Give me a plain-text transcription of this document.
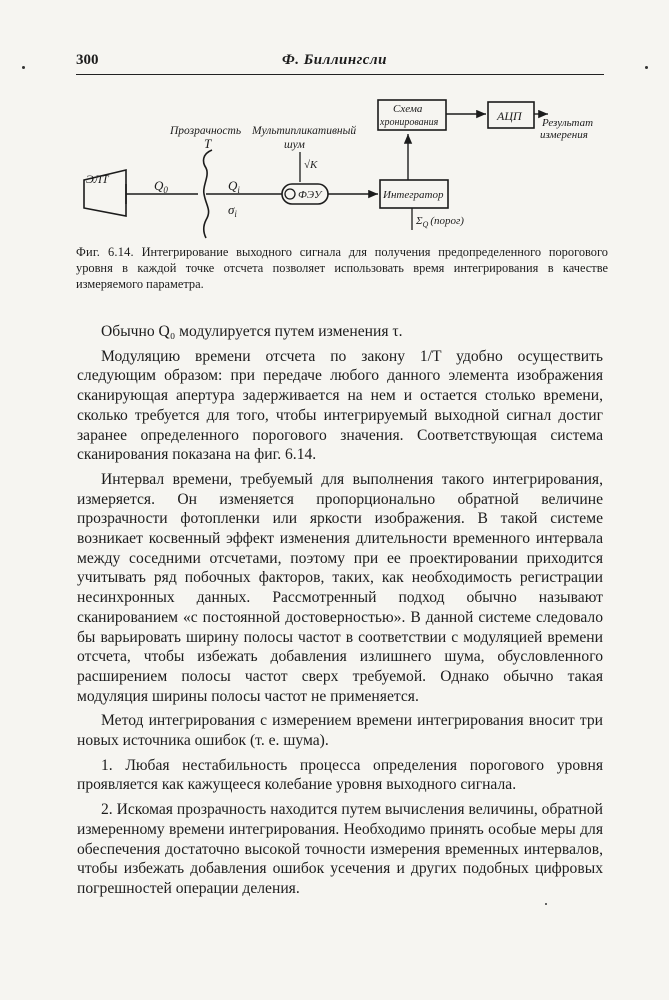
300	Ф. Биллингсли
ЭЛТ	$Q_0$
Прозрачность
T
$Q_i$
$\sigma_i$
Мультипликативный
шум
√K
ФЭУ	Интегратор
$\Sigma_Q$ (порог)
Схема
хронирования	АЦП Результат
измерения

Фиг. 6.14. Интегрирование выходного сигнала для получения предопределенного порогового уровня в каждой точке отсчета позволяет использовать время интегрирования в качестве измеряемого параметра.

Обычно Q₀ модулируется путем изменения τ.

Модуляцию времени отсчета по закону 1/T удобно осуществить следующим образом: при передаче любого данного элемента изображения сканирующая апертура задерживается на нем и остается столько времени, сколько требуется для того, чтобы интегрируемый выходной сигнал достиг заранее определенного порогового значения. Соответствующая система сканирования показана на фиг. 6.14.

Интервал времени, требуемый для выполнения такого интегрирования, измеряется. Он изменяется пропорционально обратной величине прозрачности фотопленки или яркости изображения. В такой системе возникает косвенный эффект изменения длительности временного интервала между соседними отсчетами, поэтому при ее проектировании приходится учитывать ряд побочных факторов, таких, как необходимость регистрации несинхронных данных. Рассмотренный подход обычно называют сканированием «с постоянной достоверностью». В данной системе следовало бы варьировать ширину полосы частот в соответствии с модуляцией времени отсчета, чтобы избежать добавления излишнего шума, обусловленного расширением полосы частот сверх требуемой. Однако обычно такая модуляция ширины полосы частот не применяется.

Метод интегрирования с измерением времени интегрирования вносит три новых источника ошибок (т. е. шума).

1. Любая нестабильность процесса определения порогового уровня проявляется как кажущееся колебание уровня выходного сигнала.

2. Искомая прозрачность находится путем вычисления величины, обратной измеренному времени интегрирования. Необходимо принять особые меры для обеспечения достаточно высокой точности измерения временных интервалов, чтобы избежать добавления ошибок усечения и других подобных цифровых погрешностей операции деления.
